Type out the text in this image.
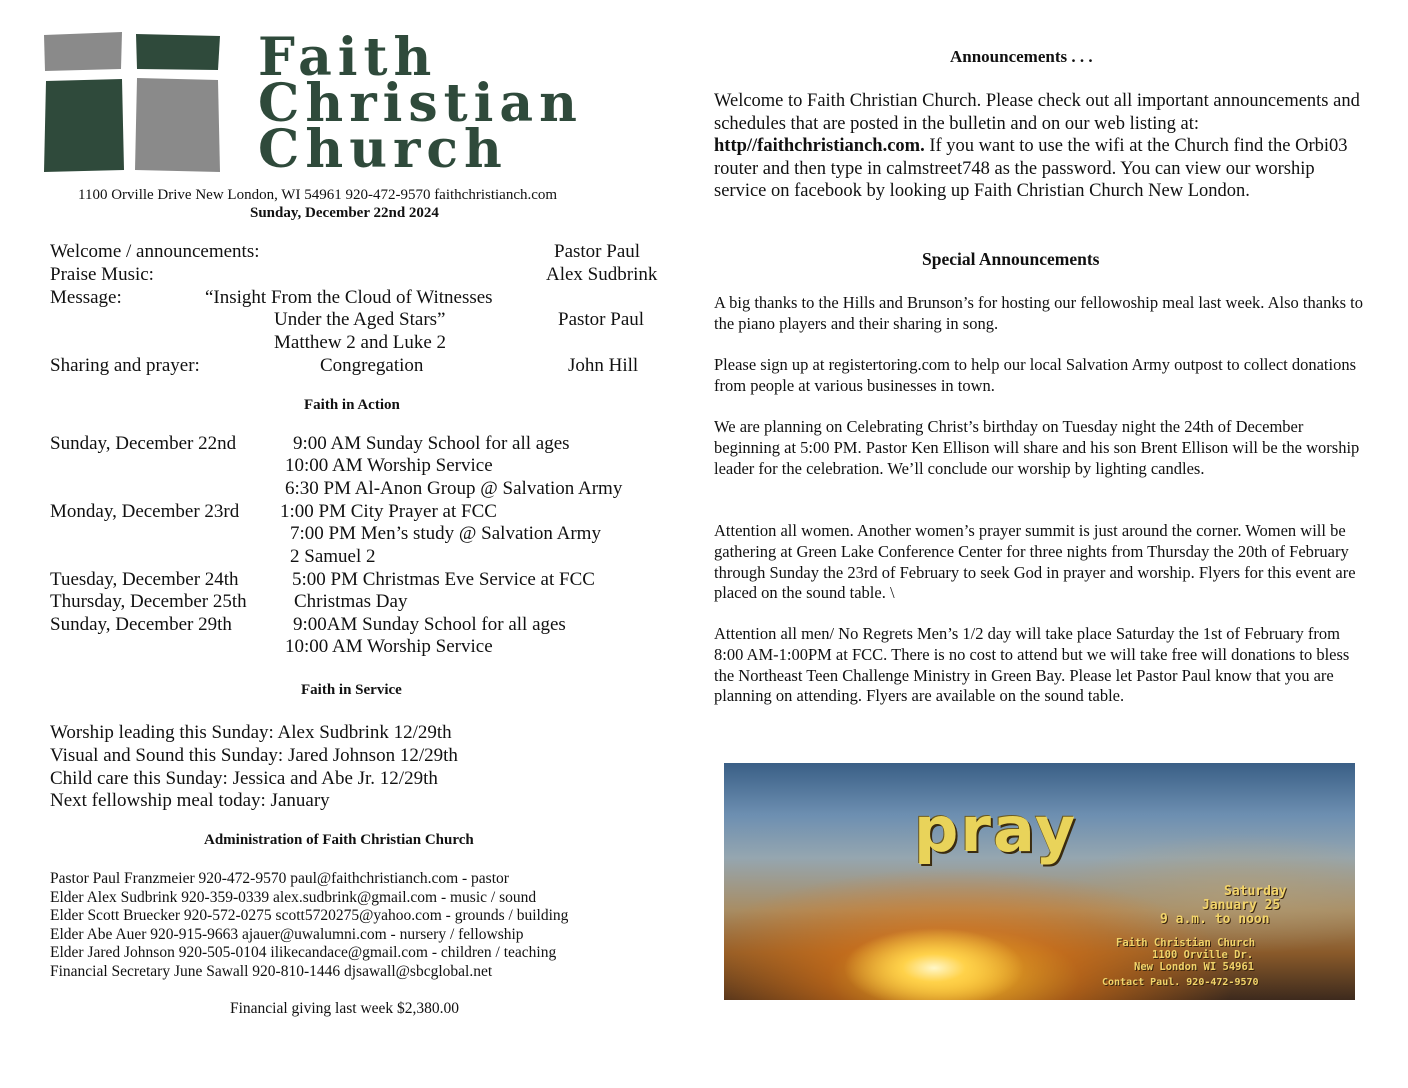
Faith
Christian
Church
1100 Orville Drive New London, WI 54961 920-472-9570 faithchristianch.com
Sunday, December 22nd 2024
Welcome / announcements:	Pastor Paul
Praise Music:	Alex Sudbrink
Message:	“Insight From the Cloud of Witnesses
Under the Aged Stars”	Pastor Paul
Matthew 2 and Luke 2
Sharing and prayer:	Congregation	John Hill
Faith in Action
Sunday, December 22nd	9:00 AM Sunday School for all ages
10:00 AM Worship Service
6:30 PM Al-Anon Group @ Salvation Army
Monday, December 23rd 1:00 PM City Prayer at FCC
7:00 PM Men’s study @ Salvation Army
2 Samuel 2
Tuesday, December 24th	5:00 PM Christmas Eve Service at FCC
Thursday, December 25th Christmas Day
Sunday, December 29th	9:00AM Sunday School for all ages
10:00 AM Worship Service
Faith in Service
Worship leading this Sunday: Alex Sudbrink 12/29th
Visual and Sound this Sunday: Jared Johnson 12/29th
Child care this Sunday: Jessica and Abe Jr. 12/29th
Next fellowship meal today: January
Administration of Faith Christian Church
Pastor Paul Franzmeier 920-472-9570 paul@faithchristianch.com - pastor
Elder Alex Sudbrink 920-359-0339 alex.sudbrink@gmail.com - music / sound
Elder Scott Bruecker 920-572-0275 scott5720275@yahoo.com - grounds / building
Elder Abe Auer 920-915-9663 ajauer@uwalumni.com - nursery / fellowship
Elder Jared Johnson 920-505-0104 ilikecandace@gmail.com - children / teaching
Financial Secretary June Sawall 920-810-1446 djsawall@sbcglobal.net
Financial giving last week $2,380.00
Announcements . . .
Welcome to Faith Christian Church. Please check out all important announcements and schedules that are posted in the bulletin and on our web listing at: http//faithchristianch.com. If you want to use the wifi at the Church find the Orbi03 router and then type in calmstreet748 as the password. You can view our worship service on facebook by looking up Faith Christian Church New London.
Special Announcements
A big thanks to the Hills and Brunson’s for hosting our fellowoship meal last week. Also thanks to the piano players and their sharing in song.
Please sign up at registertoring.com to help our local Salvation Army outpost to collect donations from people at various businesses in town.
We are planning on Celebrating Christ’s birthday on Tuesday night the 24th of December beginning at 5:00 PM. Pastor Ken Ellison will share and his son Brent Ellison will be the worship leader for the celebration. We’ll conclude our worship by lighting candles.
Attention all women. Another women’s prayer summit is just around the corner. Women will be gathering at Green Lake Conference Center for three nights from Thursday the 20th of February through Sunday the 23rd of February to seek God in prayer and worship. Flyers for this event are placed on the sound table. \
Attention all men/ No Regrets Men’s 1/2 day will take place Saturday the 1st of February from 8:00 AM-1:00PM at FCC. There is no cost to attend but we will take free will donations to bless the Northeast Teen Challenge Ministry in Green Bay. Please let Pastor Paul know that you are planning on attending. Flyers are available on the sound table.
pray
Saturday
January 25
9 a.m. to noon
Faith Christian Church
1100 Orville Dr.
New London WI 54961
Contact Paul. 920-472-9570
